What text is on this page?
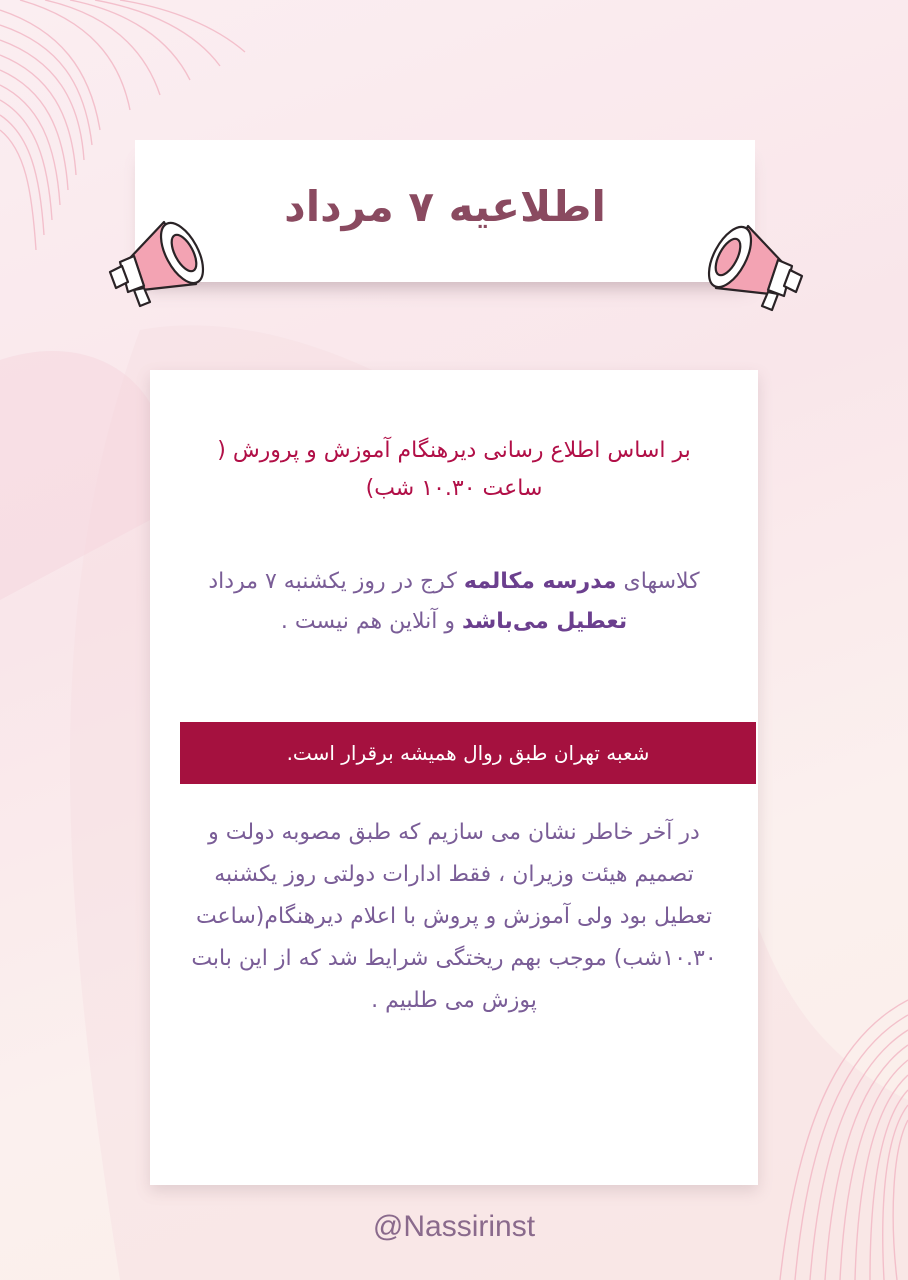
اطلاعیه ۷ مرداد
بر اساس اطلاع رسانی دیرهنگام آموزش و پرورش ( ساعت ۱۰.۳۰ شب)
کلاسهای مدرسه مکالمه کرج در روز یکشنبه ۷ مرداد تعطیل می‌باشد و آنلاین هم نیست .
شعبه تهران طبق روال همیشه برقرار است.
در آخر خاطر نشان می سازیم که طبق مصوبه دولت و تصمیم هیئت وزیران ، فقط ادارات دولتی روز یکشنبه تعطیل بود ولی آموزش و پروش با اعلام دیرهنگام(ساعت ۱۰.۳۰شب) موجب بهم ریختگی شرایط شد که از این بابت پوزش می طلبیم .
@Nassirinst
